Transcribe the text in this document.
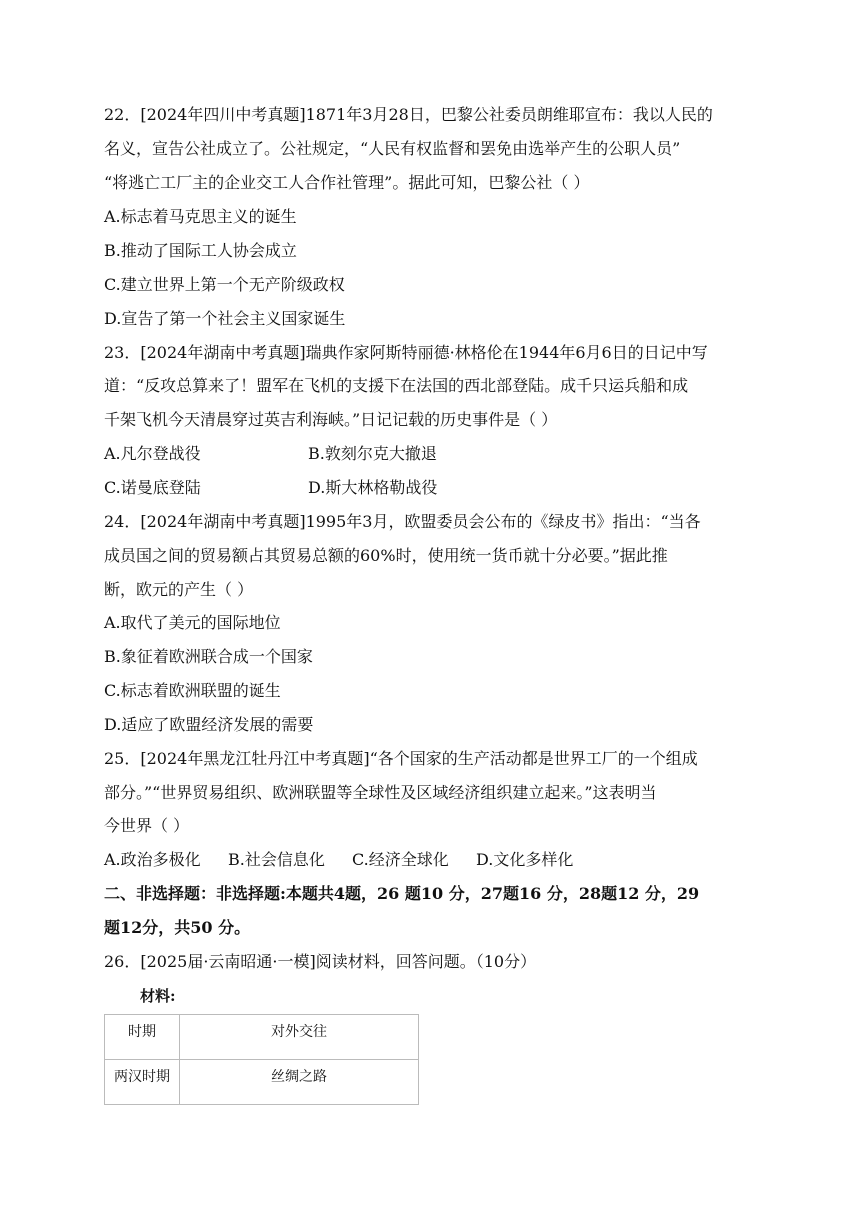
22．[2024年四川中考真题]1871年3月28日，巴黎公社委员朗维耶宣布：我以人民的
名义，宣告公社成立了。公社规定，“人民有权监督和罢免由选举产生的公职人员”
“将逃亡工厂主的企业交工人合作社管理”。据此可知，巴黎公社（ ）
A.标志着马克思主义的诞生
B.推动了国际工人协会成立
C.建立世界上第一个无产阶级政权
D.宣告了第一个社会主义国家诞生
23．[2024年湖南中考真题]瑞典作家阿斯特丽德·林格伦在1944年6月6日的日记中写
道：“反攻总算来了！盟军在飞机的支援下在法国的西北部登陆。成千只运兵船和成
千架飞机今天清晨穿过英吉利海峡。”日记记载的历史事件是（ ）
A.凡尔登战役	B.敦刻尔克大撤退
C.诺曼底登陆	D.斯大林格勒战役
24．[2024年湖南中考真题]1995年3月，欧盟委员会公布的《绿皮书》指出：“当各
成员国之间的贸易额占其贸易总额的60%时，使用统一货币就十分必要。”据此推
断，欧元的产生（ ）
A.取代了美元的国际地位
B.象征着欧洲联合成一个国家
C.标志着欧洲联盟的诞生
D.适应了欧盟经济发展的需要
25．[2024年黑龙江牡丹江中考真题]“各个国家的生产活动都是世界工厂的一个组成
部分。”“世界贸易组织、欧洲联盟等全球性及区域经济组织建立起来。”这表明当
今世界（ ）
A.政治多极化 B.社会信息化 C.经济全球化 D.文化多样化
二、非选择题：非选择题:本题共4题，26 题10 分，27题16 分，28题12 分，29
题12分，共50 分。
26．[2025届·云南昭通·一模]阅读材料，回答问题。（10分）
材料:
时期	对外交往
两汉时期	丝绸之路
